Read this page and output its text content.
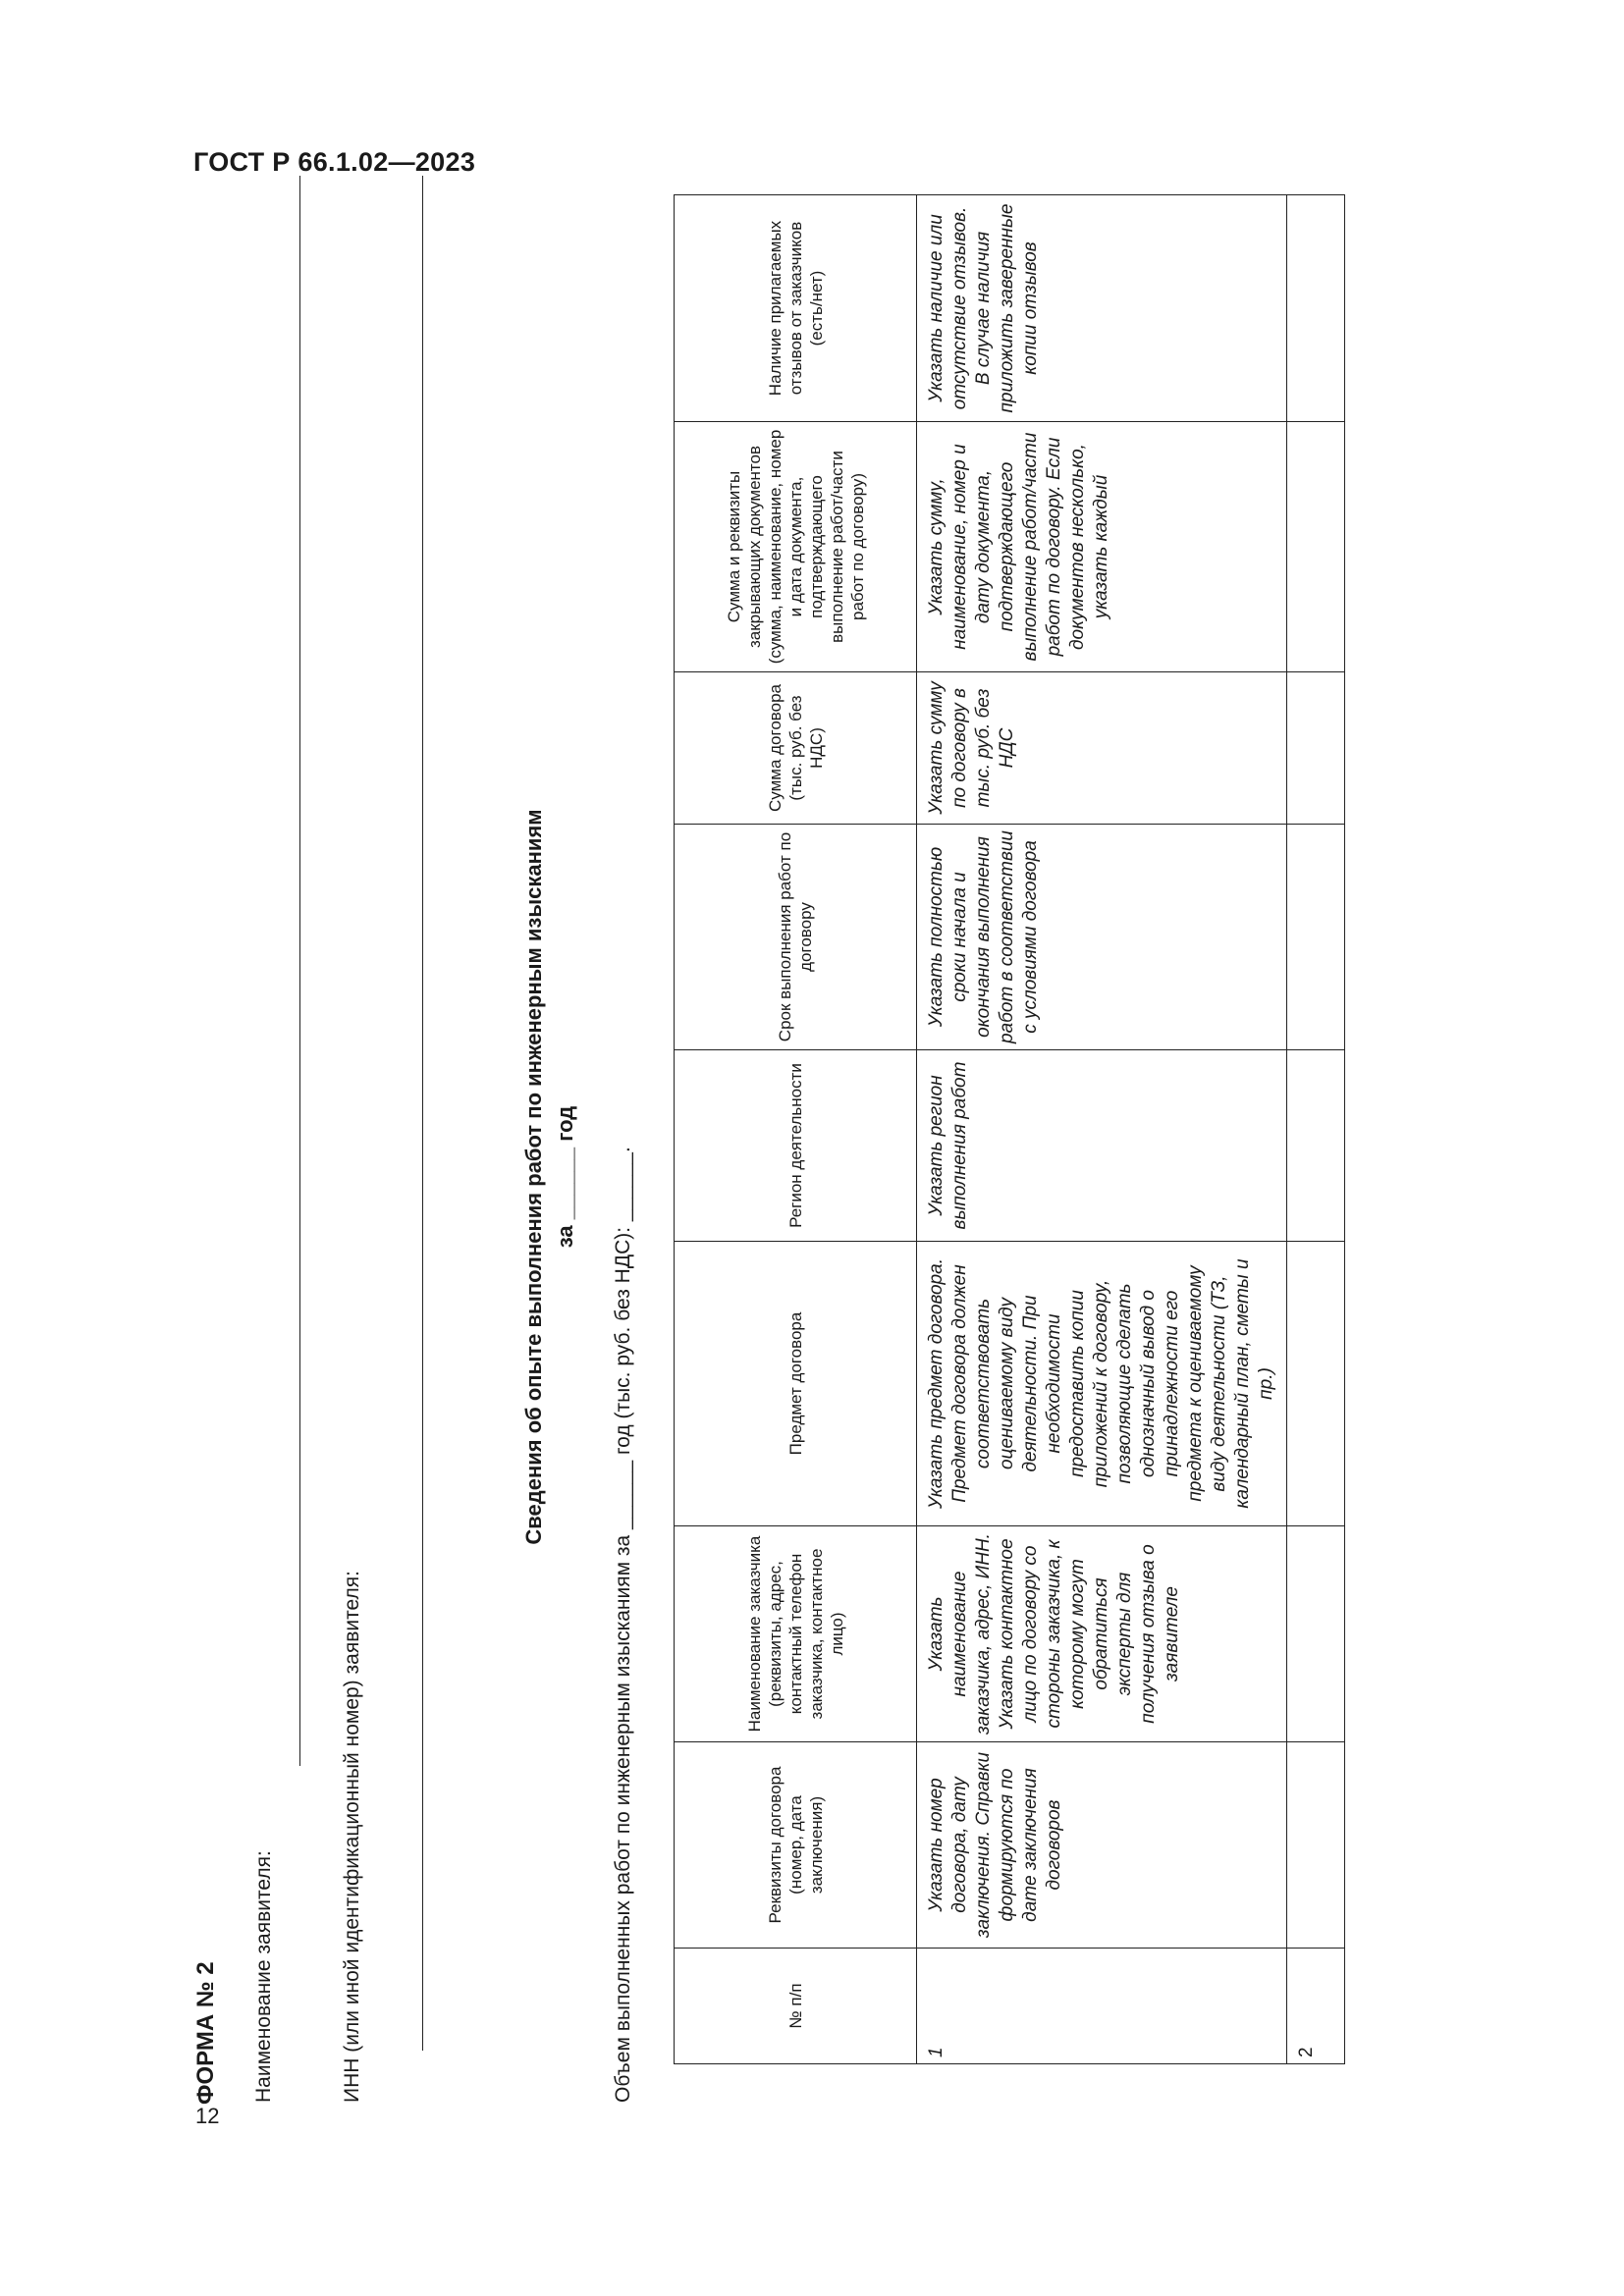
ГОСТ Р 66.1.02—2023
12
ФОРМА № 2 Наименование заявителя:	ИНН (или иной идентификационный номер) заявителя:
Сведения об опыте выполнения работ по инженерным изысканиям за ______ год Объем выполненных работ по инженерным изысканиям за ______ год (тыс. руб. без НДС): ______.	№ п/п	Реквизиты договора (номер, дата заключения)	Наименование заказчика (реквизиты, адрес, контактный телефон заказчика, контактное лицо)	Предмет договора	Регион деятельности	Срок выполнения работ по договору	Сумма договора (тыс. руб. без НДС)	Сумма и реквизиты закрывающих документов (сумма, наименование, номер и дата документа, подтверждающего выполнение работ/части работ по договору)	Наличие прилагаемых отзывов от заказчиков (есть/нет)
1	Указать номер договора, дату заключения. Справки формируются по дате заключения договоров	Указать наименование заказчика, адрес, ИНН. Указать контактное лицо по договору со стороны заказчика, к которому могут обратиться эксперты для получения отзыва о заявителе	Указать предмет договора. Предмет договора должен соответствовать оцениваемому виду деятельности. При необходимости предоставить копии приложений к договору, позволяющие сделать однозначный вывод о принадлежности его предмета к оцениваемому виду деятельности (ТЗ, календарный план, сметы и пр.)	Указать регион выполнения работ	Указать полностью сроки начала и окончания выполнения работ в соответствии с условиями договора	Указать сумму по договору в тыс. руб. без НДС	Указать сумму, наименование, номер и дату документа, подтверждающего выполнение работ/части работ по договору. Если документов несколько, указать каждый	Указать наличие или отсутствие отзывов. В случае наличия приложить заверенные копии отзывов
2								
